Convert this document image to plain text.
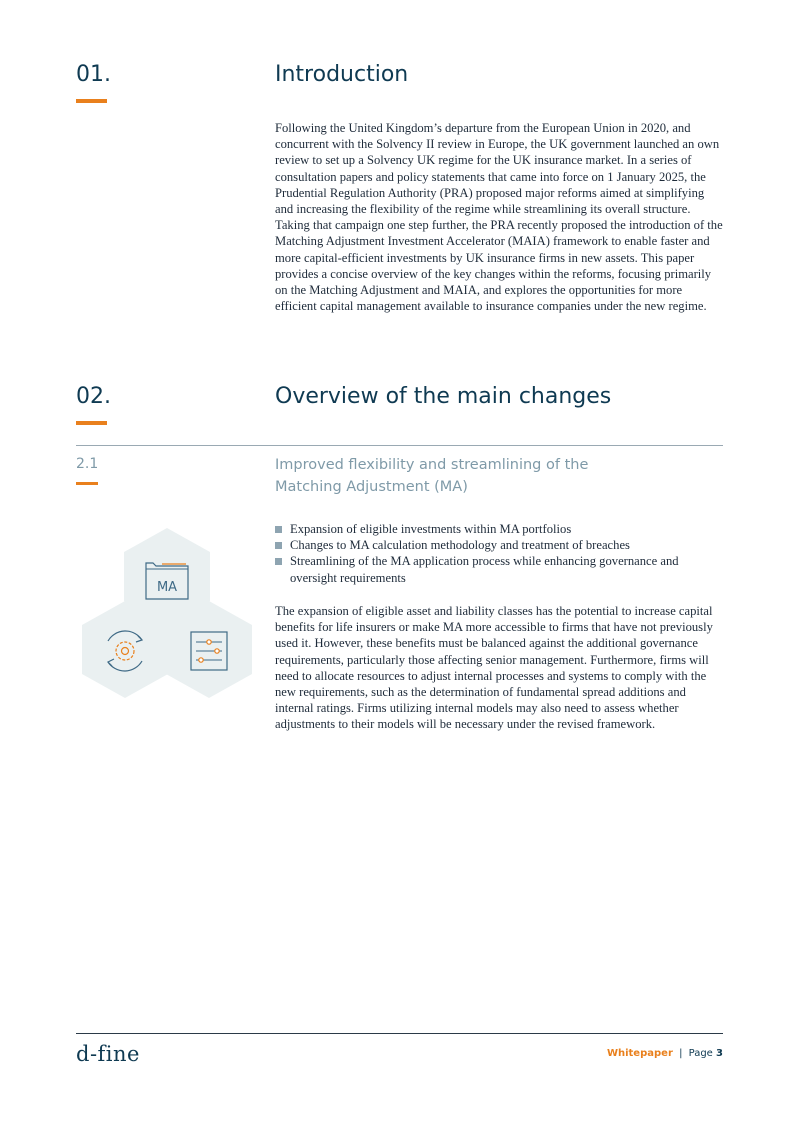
01.	Introduction

Following the United Kingdom’s departure from the European Union in 2020, and concurrent with the Solvency II review in Europe, the UK government launched an own review to set up a Solvency UK regime for the UK insurance market. In a series of consultation papers and policy statements that came into force on 1 January 2025, the Prudential Regulation Authority (PRA) proposed major reforms aimed at simplifying and increasing the flexibility of the regime while streamlining its overall structure. Taking that campaign one step further, the PRA recently proposed the introduction of the Matching Adjustment Investment Accelerator (MAIA) framework to enable faster and more capital-efficient investments by UK insurance firms in new assets. This paper provides a concise overview of the key changes within the reforms, focusing primarily on the Matching Adjustment and MAIA, and explores the opportunities for more efficient capital management available to insurance companies under the new regime.

02.	Overview of the main changes
2.1	Improved flexibility and streamlining of the Matching Adjustment (MA)
Expansion of eligible investments within MA portfolios
Changes to MA calculation methodology and treatment of breaches
Streamlining of the MA application process while enhancing governance and oversight requirements

The expansion of eligible asset and liability classes has the potential to increase capital benefits for life insurers or make MA more accessible to firms that have not previously used it. However, these benefits must be balanced against the additional governance requirements, particularly those affecting senior management. Furthermore, firms will need to allocate resources to adjust internal processes and systems to comply with the new requirements, such as the determination of fundamental spread additions and internal ratings. Firms utilizing internal models may also need to assess whether adjustments to their models will be necessary under the revised framework.

MA
d-fine	Whitepaper | Page 3
